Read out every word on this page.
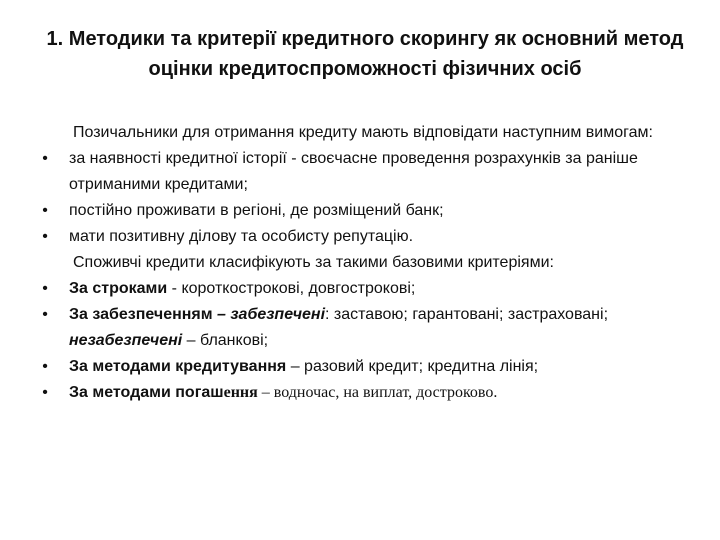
1. Методики та критерії кредитного скорингу як основний метод оцінки кредитоспроможності фізичних осіб
Позичальники для отримання кредиту мають відповідати наступним вимогам:
• за наявності кредитної історії - своєчасне проведення розрахунків за раніше отриманими кредитами;
• постійно проживати в регіоні, де розміщений банк;
• мати позитивну ділову та особисту репутацію.
Споживчі кредити класифікують за такими базовими критеріями:
• За строками - короткострокові, довгострокові;
• За забезпеченням – забезпечені: заставою; гарантовані; застраховані; незабезпечені – бланкові;
• За методами кредитування – разовий кредит; кредитна лінія;
• За методами погашення – водночас, на виплат, достроково.
